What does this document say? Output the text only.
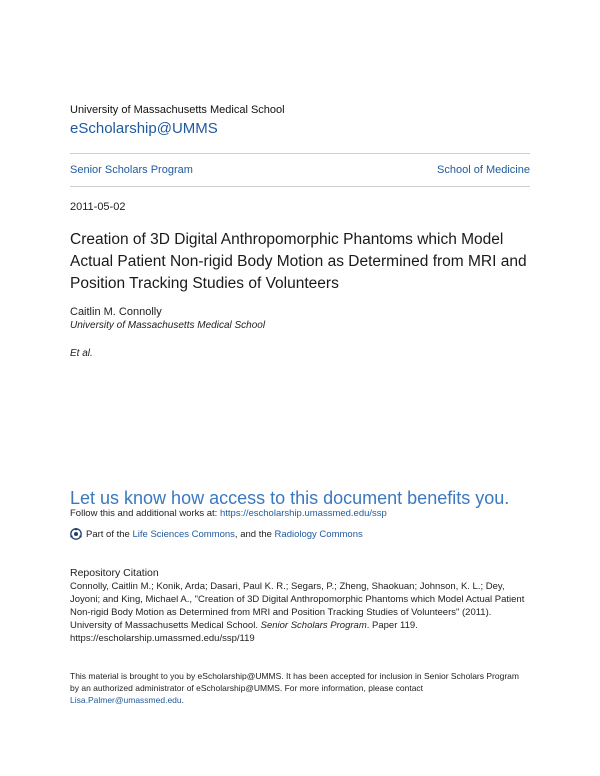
University of Massachusetts Medical School
eScholarship@UMMS
Senior Scholars Program	School of Medicine
2011-05-02
Creation of 3D Digital Anthropomorphic Phantoms which Model Actual Patient Non-rigid Body Motion as Determined from MRI and Position Tracking Studies of Volunteers
Caitlin M. Connolly
University of Massachusetts Medical School
Et al.
Let us know how access to this document benefits you.
Follow this and additional works at: https://escholarship.umassmed.edu/ssp
Part of the Life Sciences Commons, and the Radiology Commons
Repository Citation
Connolly, Caitlin M.; Konik, Arda; Dasari, Paul K. R.; Segars, P.; Zheng, Shaokuan; Johnson, K. L.; Dey, Joyoni; and King, Michael A., "Creation of 3D Digital Anthropomorphic Phantoms which Model Actual Patient Non-rigid Body Motion as Determined from MRI and Position Tracking Studies of Volunteers" (2011). University of Massachusetts Medical School. Senior Scholars Program. Paper 119.
https://escholarship.umassmed.edu/ssp/119
This material is brought to you by eScholarship@UMMS. It has been accepted for inclusion in Senior Scholars Program by an authorized administrator of eScholarship@UMMS. For more information, please contact Lisa.Palmer@umassmed.edu.
